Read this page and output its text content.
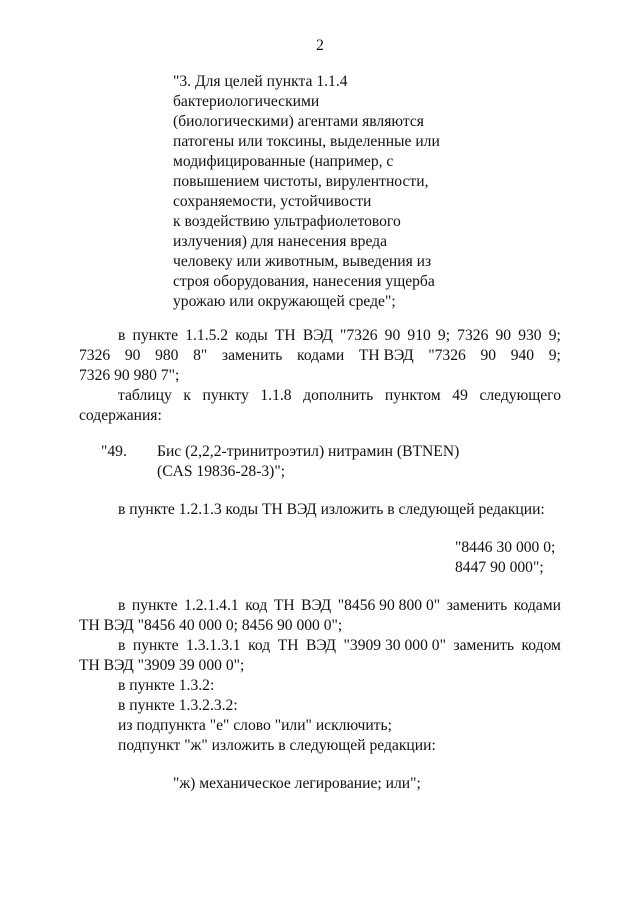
2
"3. Для целей пункта 1.1.4
бактериологическими
(биологическими) агентами являются
патогены или токсины, выделенные или
модифицированные (например, с
повышением чистоты, вирулентности,
сохраняемости, устойчивости
к воздействию ультрафиолетового
излучения) для нанесения вреда
человеку или животным, выведения из
строя оборудования, нанесения ущерба
урожаю или окружающей среде";
в пункте 1.1.5.2 коды ТН ВЭД "7326 90 910 9; 7326 90 930 9;
7326 90 980 8" заменить кодами ТН ВЭД "7326 90 940 9;
7326 90 980 7";
таблицу к пункту 1.1.8 дополнить пунктом 49 следующего
содержания:
"49. Бис (2,2,2-тринитроэтил) нитрамин (BTNEN)
(CAS 19836-28-3)";
в пункте 1.2.1.3 коды ТН ВЭД изложить в следующей редакции:
"8446 30 000 0;
8447 90 000";
в пункте 1.2.1.4.1 код ТН ВЭД "8456 90 800 0" заменить кодами
ТН ВЭД "8456 40 000 0; 8456 90 000 0";
в пункте 1.3.1.3.1 код ТН ВЭД "3909 30 000 0" заменить кодом
ТН ВЭД "3909 39 000 0";
в пункте 1.3.2:
в пункте 1.3.2.3.2:
из подпункта "е" слово "или" исключить;
подпункт "ж" изложить в следующей редакции:
"ж) механическое легирование; или";
